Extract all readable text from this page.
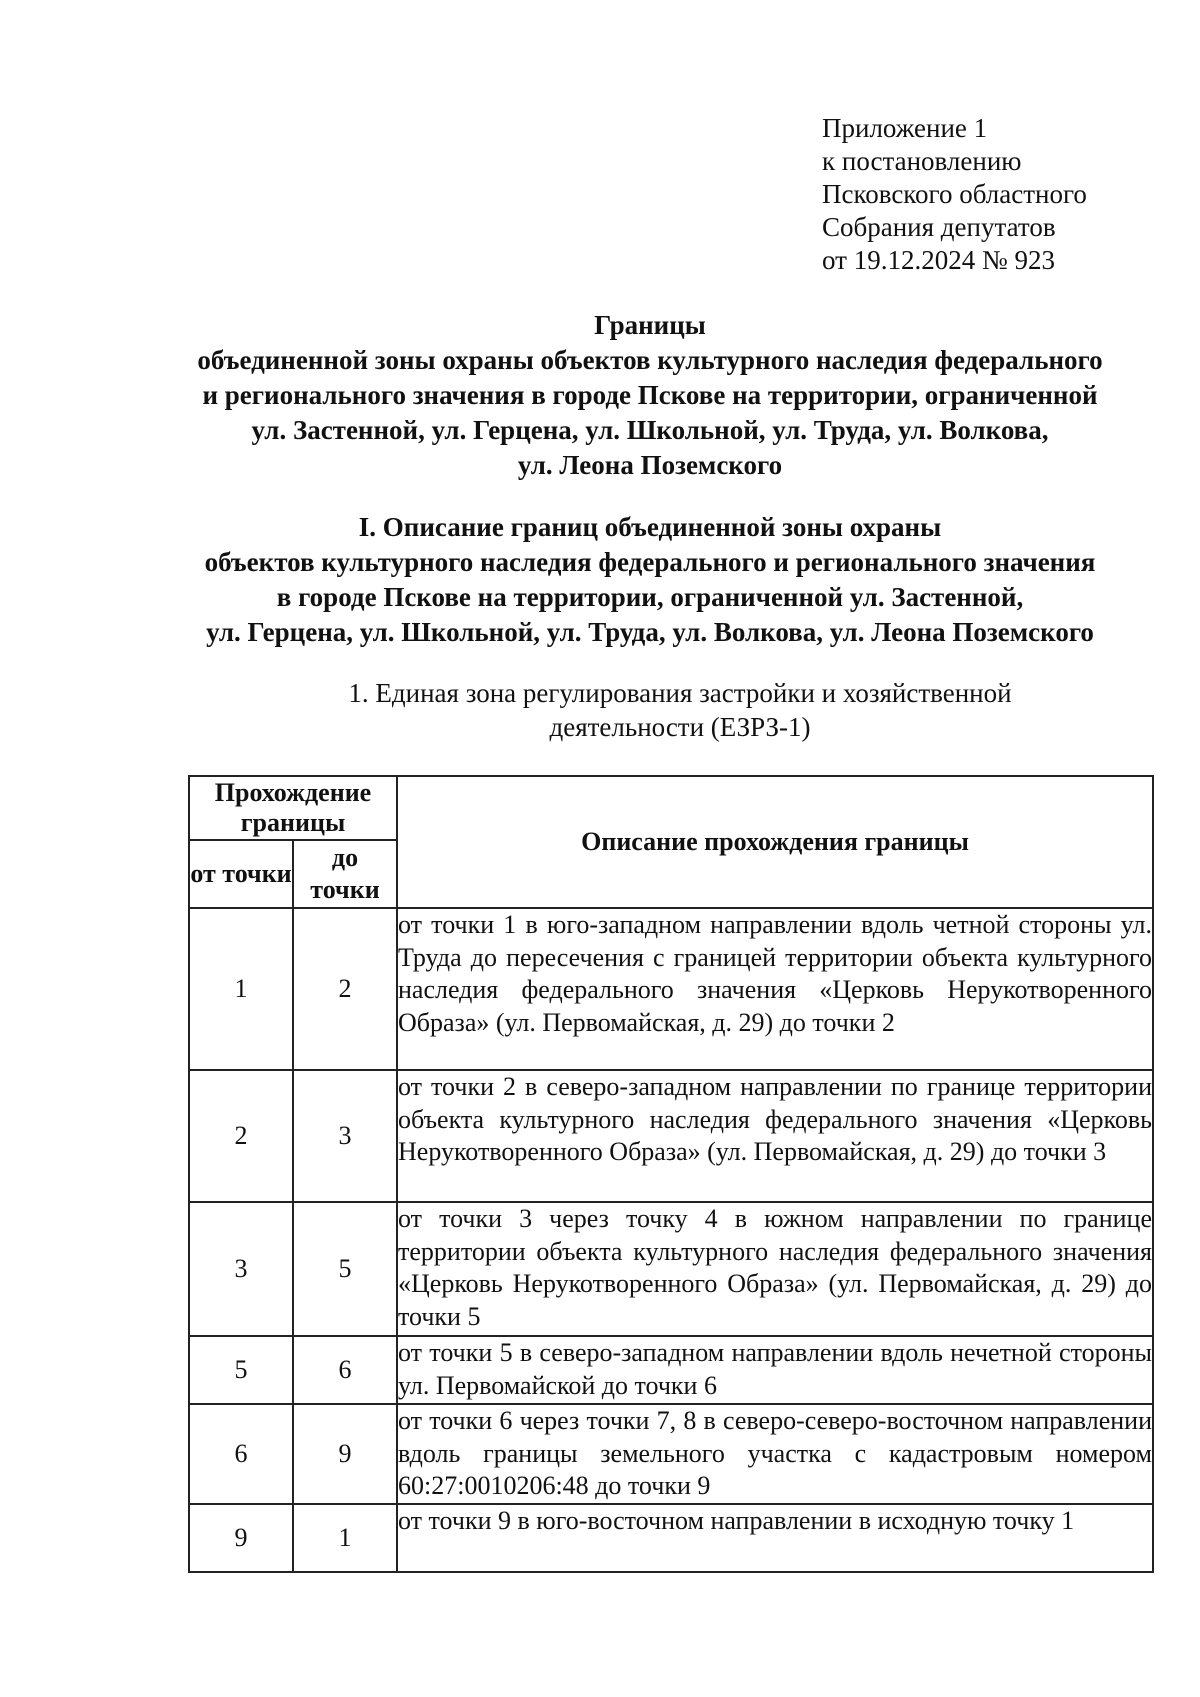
Приложение 1
к постановлению
Псковского областного
Собрания депутатов
от 19.12.2024 № 923
Границы
объединенной зоны охраны объектов культурного наследия федерального
и регионального значения в городе Пскове на территории, ограниченной
ул. Застенной, ул. Герцена, ул. Школьной, ул. Труда, ул. Волкова,
ул. Леона Поземского
I. Описание границ объединенной зоны охраны
объектов культурного наследия федерального и регионального значения
в городе Пскове на территории, ограниченной ул. Застенной,
ул. Герцена, ул. Школьной, ул. Труда, ул. Волкова, ул. Леона Поземского
1. Единая зона регулирования застройки и хозяйственной
деятельности (ЕЗРЗ-1)
Прохождение границы		Описание прохождения границы
от точки	до точки	
1	2	от точки 1 в юго-западном направлении вдоль четной стороны ул. Труда до пересечения с границей территории объекта культурного наследия федерального значения «Церковь Нерукотворенного Образа» (ул. Первомайская, д. 29) до точки 2
2	3	от точки 2 в северо-западном направлении по границе территории объекта культурного наследия федерального значения «Церковь Нерукотворенного Образа» (ул. Первомайская, д. 29) до точки 3
3	5	от точки 3 через точку 4 в южном направлении по границе территории объекта культурного наследия федерального значения «Церковь Нерукотворенного Образа» (ул. Первомайская, д. 29) до точки 5
5	6	от точки 5 в северо-западном направлении вдоль нечетной стороны ул. Первомайской до точки 6
6	9	от точки 6 через точки 7, 8 в северо-северо-восточном направлении вдоль границы земельного участка с кадастровым номером 60:27:0010206:48 до точки 9
9	1	от точки 9 в юго-восточном направлении в исходную точку 1
